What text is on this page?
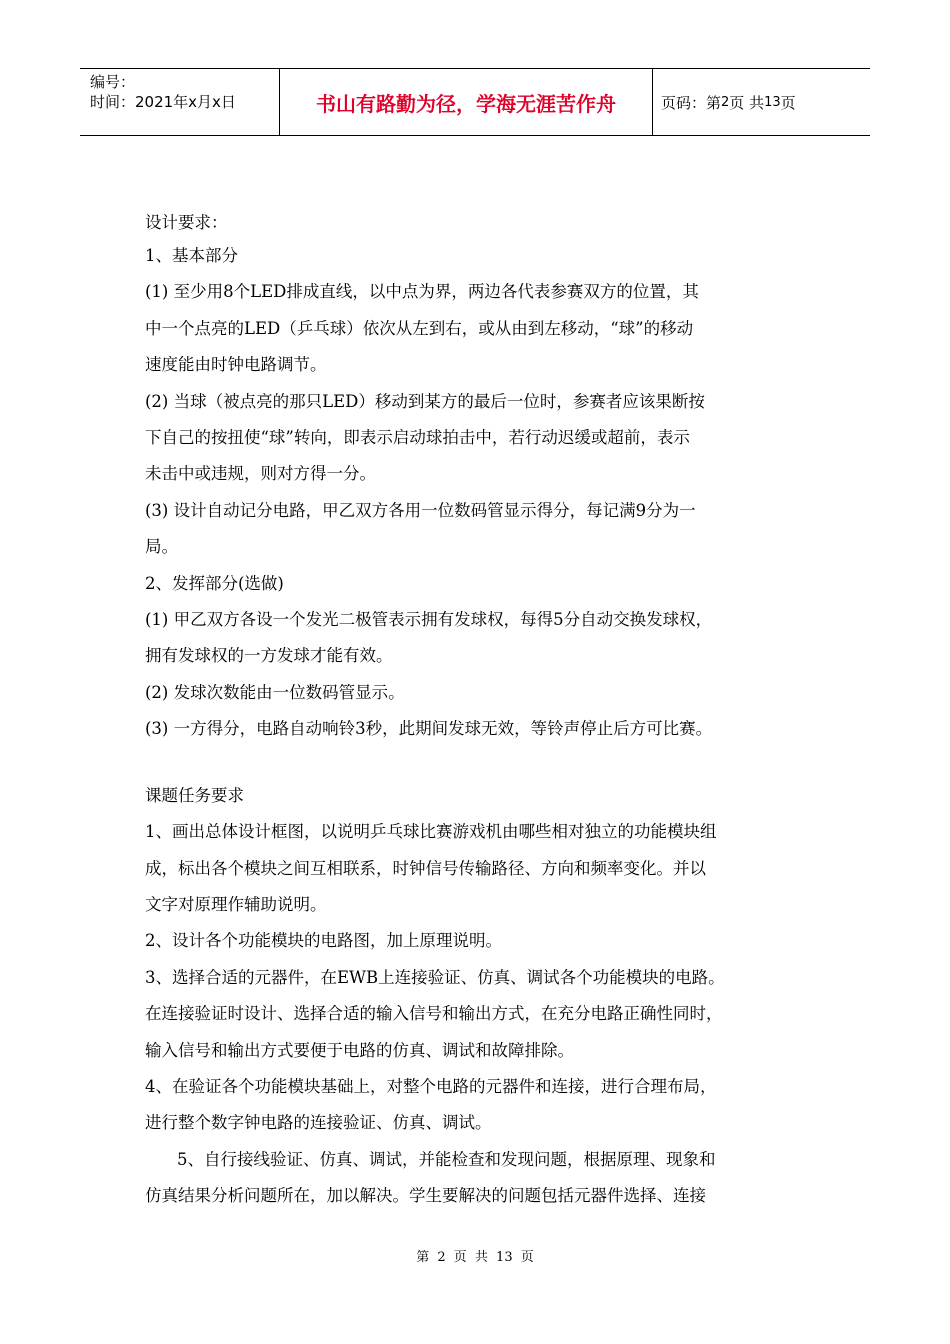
编号：
时间：2021年x月x日	书山有路勤为径，学海无涯苦作舟	页码：第 2 页 共 13 页

设计要求：

1、基本部分

(1) 至少用8个LED排成直线，以中点为界，两边各代表参赛双方的位置，其

中一个点亮的LED（乒乓球）依次从左到右，或从由到左移动，“球”的移动

速度能由时钟电路调节。

(2) 当球（被点亮的那只LED）移动到某方的最后一位时，参赛者应该果断按

下自己的按扭使“球”转向，即表示启动球拍击中，若行动迟缓或超前，表示

未击中或违规，则对方得一分。

(3) 设计自动记分电路，甲乙双方各用一位数码管显示得分，每记满9分为一

局。

2、发挥部分(选做)

(1) 甲乙双方各设一个发光二极管表示拥有发球权，每得5分自动交换发球权，

拥有发球权的一方发球才能有效。

(2) 发球次数能由一位数码管显示。

(3) 一方得分，电路自动响铃3秒，此期间发球无效，等铃声停止后方可比赛。

课题任务要求

1、画出总体设计框图，以说明乒乓球比赛游戏机由哪些相对独立的功能模块组

成，标出各个模块之间互相联系，时钟信号传输路径、方向和频率变化。并以

文字对原理作辅助说明。

2、设计各个功能模块的电路图，加上原理说明。

3、选择合适的元器件，在EWB上连接验证、仿真、调试各个功能模块的电路。

在连接验证时设计、选择合适的输入信号和输出方式，在充分电路正确性同时，

输入信号和输出方式要便于电路的仿真、调试和故障排除。

4、在验证各个功能模块基础上，对整个电路的元器件和连接，进行合理布局，

进行整个数字钟电路的连接验证、仿真、调试。

5、自行接线验证、仿真、调试，并能检查和发现问题，根据原理、现象和

仿真结果分析问题所在，加以解决。学生要解决的问题包括元器件选择、连接

第 2 页 共 13 页
